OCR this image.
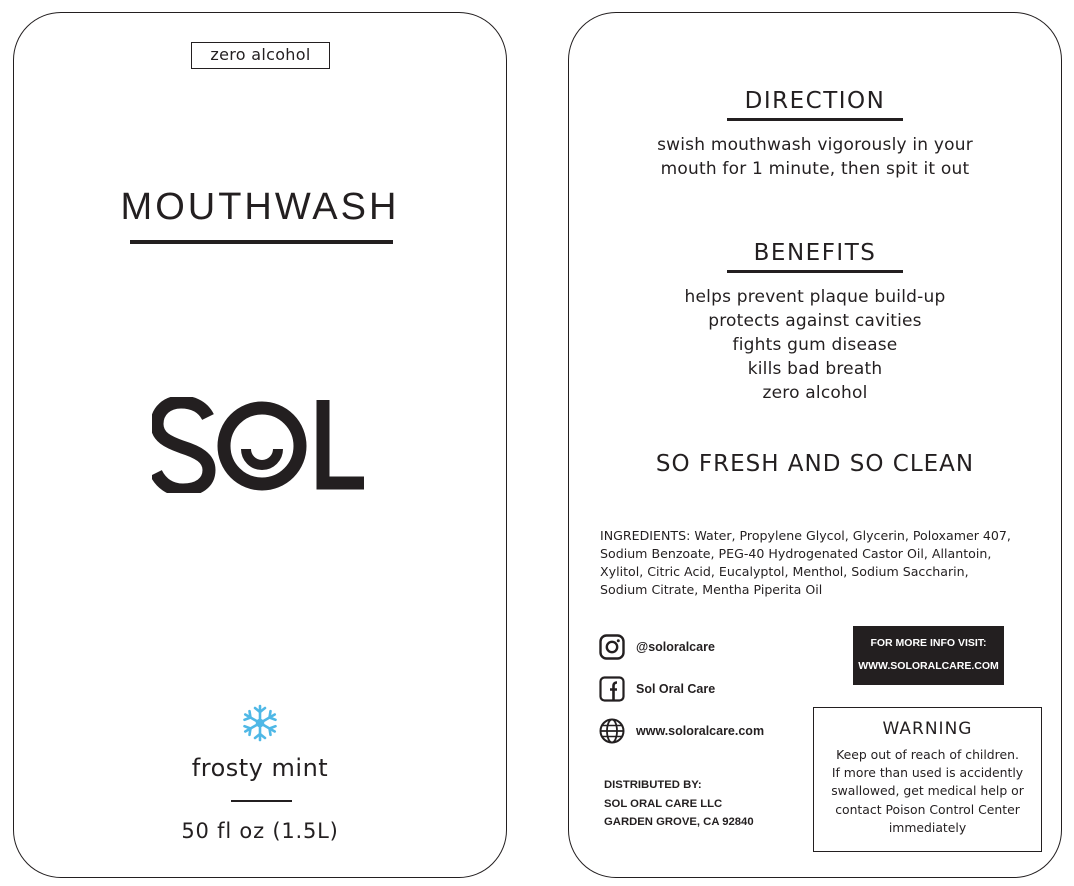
zero alcohol
MOUTHWASH
frosty mint
50 fl oz (1.5L)
DIRECTION
swish mouthwash vigorously in your
mouth for 1 minute, then spit it out
BENEFITS
helps prevent plaque build-up
protects against cavities
fights gum disease
kills bad breath
zero alcohol
SO FRESH AND SO CLEAN
INGREDIENTS: Water, Propylene Glycol, Glycerin, Poloxamer 407,
Sodium Benzoate, PEG-40 Hydrogenated Castor Oil, Allantoin,
Xylitol, Citric Acid, Eucalyptol, Menthol, Sodium Saccharin,
Sodium Citrate, Mentha Piperita Oil
@soloralcare
Sol Oral Care
www.soloralcare.com
FOR MORE INFO VISIT:
WWW.SOLORALCARE.COM
WARNING
Keep out of reach of children.
If more than used is accidently
swallowed, get medical help or
contact Poison Control Center
immediately
DISTRIBUTED BY:
SOL ORAL CARE LLC
GARDEN GROVE, CA 92840
